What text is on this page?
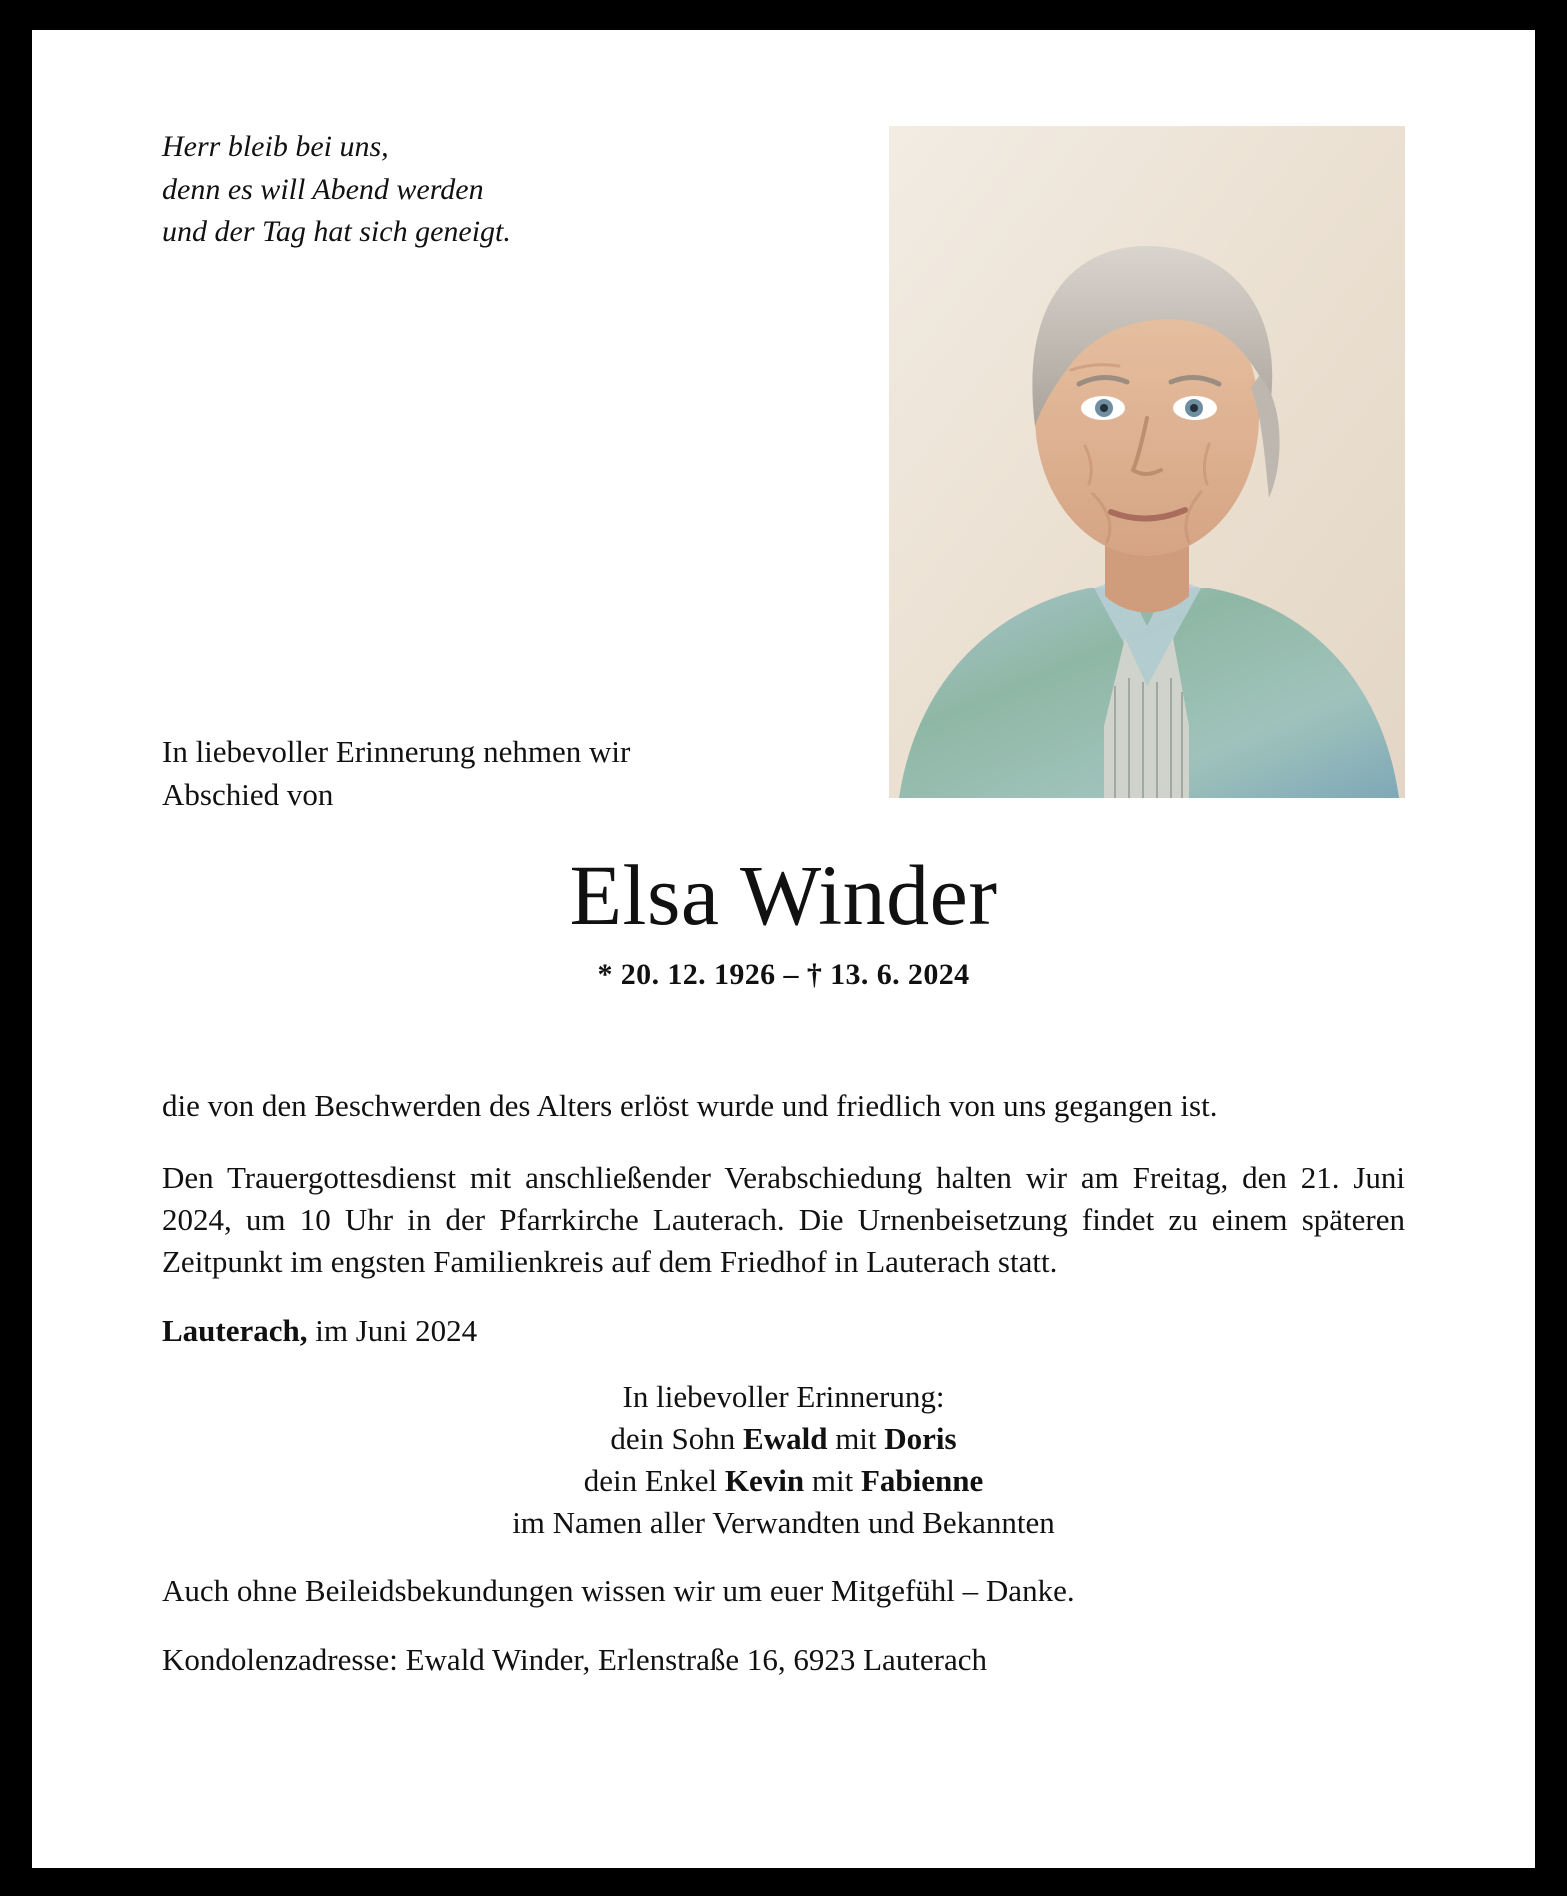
Herr bleib bei uns,
denn es will Abend werden
und der Tag hat sich geneigt.
In liebevoller Erinnerung nehmen wir
Abschied von
Elsa Winder
* 20. 12. 1926 – † 13. 6. 2024

die von den Beschwerden des Alters erlöst wurde und friedlich von uns gegangen ist.

Den Trauergottesdienst mit anschließender Verabschiedung halten wir am Freitag, den 21. Juni 2024, um 10 Uhr in der Pfarrkirche Lauterach. Die Urnenbeisetzung findet zu einem späteren Zeitpunkt im engsten Familienkreis auf dem Friedhof in Lauterach statt.

Lauterach, im Juni 2024

In liebevoller Erinnerung:
dein Sohn Ewald mit Doris
dein Enkel Kevin mit Fabienne
im Namen aller Verwandten und Bekannten

Auch ohne Beileidsbekundungen wissen wir um euer Mitgefühl – Danke.

Kondolenzadresse: Ewald Winder, Erlenstraße 16, 6923 Lauterach
